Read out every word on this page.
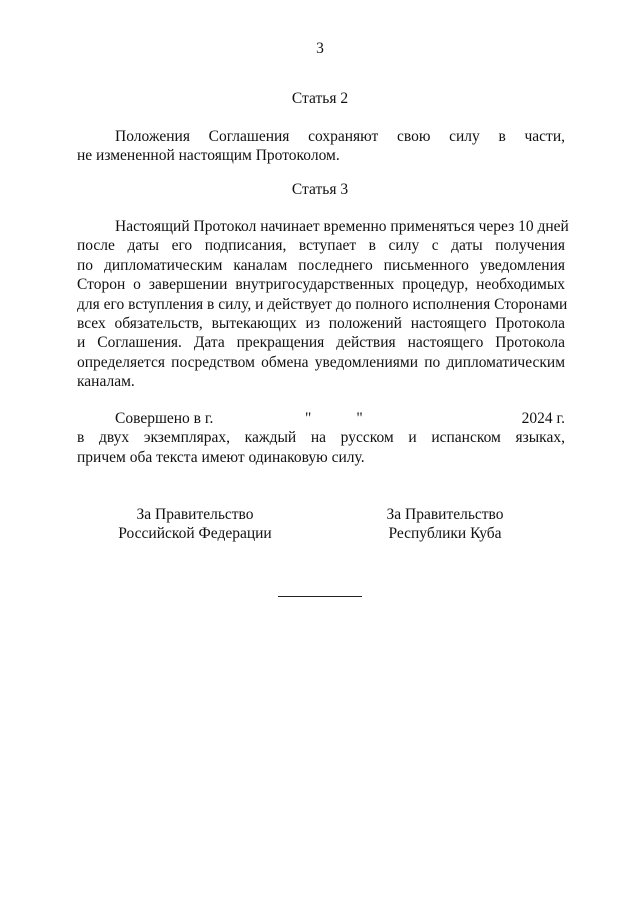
3
Статья 2
Положения Соглашения сохраняют свою силу в части,
не измененной настоящим Протоколом.
Статья 3
Настоящий Протокол начинает временно применяться через 10 дней
после даты его подписания, вступает в силу с даты получения
по дипломатическим каналам последнего письменного уведомления
Сторон о завершении внутригосударственных процедур, необходимых
для его вступления в силу, и действует до полного исполнения Сторонами
всех обязательств, вытекающих из положений настоящего Протокола
и Соглашения. Дата прекращения действия настоящего Протокола
определяется посредством обмена уведомлениями по дипломатическим
каналам.
Совершено в г.	"	"	2024 г.
в двух экземплярах, каждый на русском и испанском языках,
причем оба текста имеют одинаковую силу.
За Правительство
Российской Федерации
За Правительство
Республики Куба
